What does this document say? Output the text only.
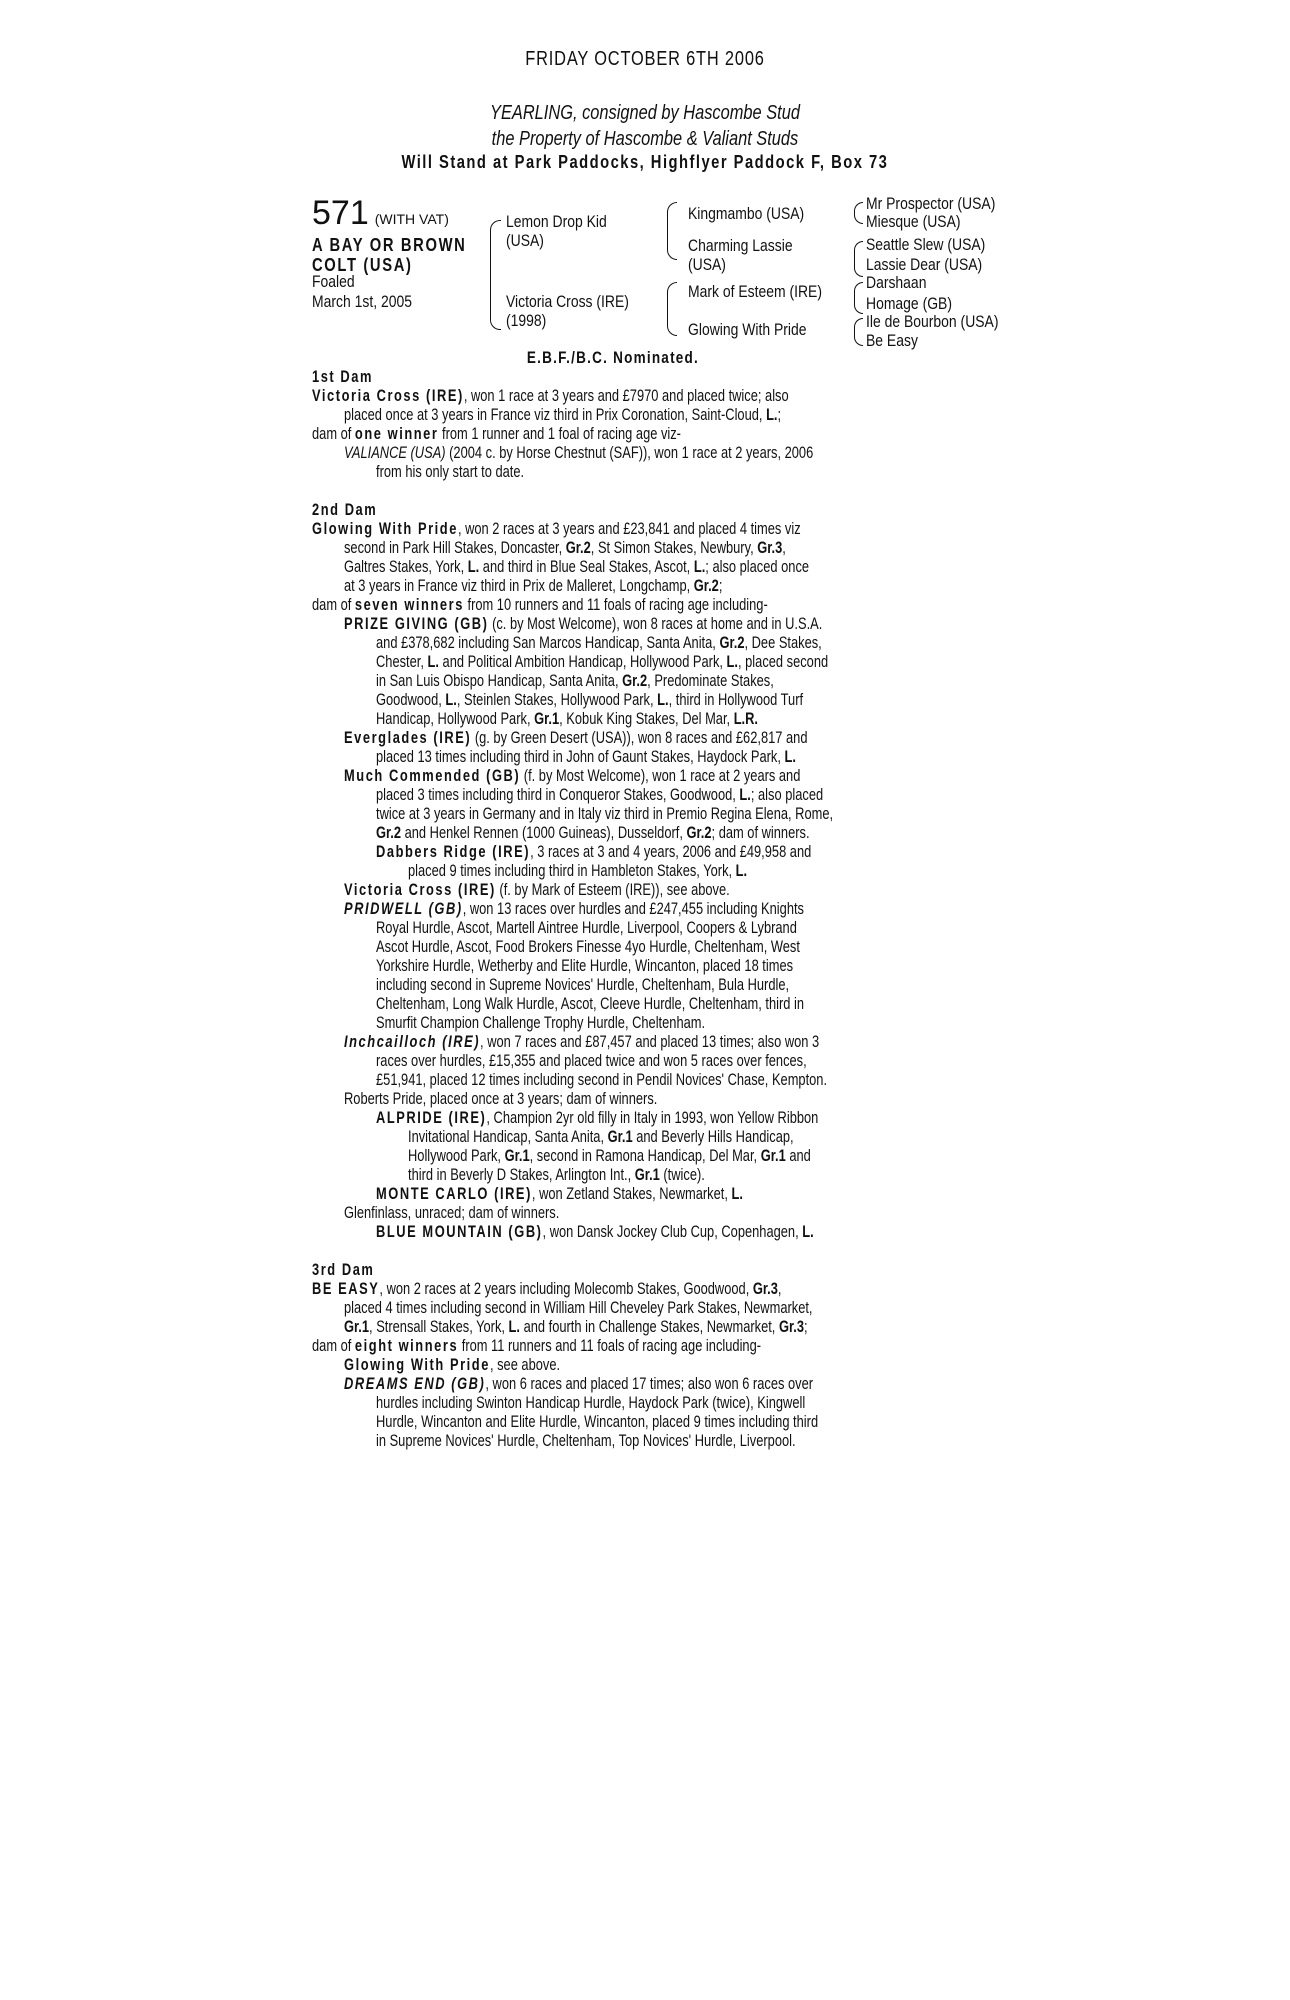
FRIDAY OCTOBER 6TH 2006
YEARLING, consigned by Hascombe Stud
the Property of Hascombe & Valiant Studs
Will Stand at Park Paddocks, Highflyer Paddock F, Box 73
571 (WITH VAT)
A BAY OR BROWN
COLT (USA)
Foaled
March 1st, 2005
Lemon Drop Kid
(USA)
Victoria Cross (IRE)
(1998)
Kingmambo (USA)
Charming Lassie
(USA)
Mark of Esteem (IRE)
Glowing With Pride
Mr Prospector (USA)
Miesque (USA)
Seattle Slew (USA)
Lassie Dear (USA)
Darshaan
Homage (GB)
Ile de Bourbon (USA)
Be Easy
E.B.F./B.C. Nominated.
1st Dam
Victoria Cross (IRE), won 1 race at 3 years and £7970 and placed twice; also
placed once at 3 years in France viz third in Prix Coronation, Saint-Cloud, L.;
dam of one winner from 1 runner and 1 foal of racing age viz-
VALIANCE (USA) (2004 c. by Horse Chestnut (SAF)), won 1 race at 2 years, 2006
from his only start to date.
2nd Dam
Glowing With Pride, won 2 races at 3 years and £23,841 and placed 4 times viz
second in Park Hill Stakes, Doncaster, Gr.2, St Simon Stakes, Newbury, Gr.3,
Galtres Stakes, York, L. and third in Blue Seal Stakes, Ascot, L.; also placed once
at 3 years in France viz third in Prix de Malleret, Longchamp, Gr.2;
dam of seven winners from 10 runners and 11 foals of racing age including-
PRIZE GIVING (GB) (c. by Most Welcome), won 8 races at home and in U.S.A.
and £378,682 including San Marcos Handicap, Santa Anita, Gr.2, Dee Stakes,
Chester, L. and Political Ambition Handicap, Hollywood Park, L., placed second
in San Luis Obispo Handicap, Santa Anita, Gr.2, Predominate Stakes,
Goodwood, L., Steinlen Stakes, Hollywood Park, L., third in Hollywood Turf
Handicap, Hollywood Park, Gr.1, Kobuk King Stakes, Del Mar, L.R.
Everglades (IRE) (g. by Green Desert (USA)), won 8 races and £62,817 and
placed 13 times including third in John of Gaunt Stakes, Haydock Park, L.
Much Commended (GB) (f. by Most Welcome), won 1 race at 2 years and
placed 3 times including third in Conqueror Stakes, Goodwood, L.; also placed
twice at 3 years in Germany and in Italy viz third in Premio Regina Elena, Rome,
Gr.2 and Henkel Rennen (1000 Guineas), Dusseldorf, Gr.2; dam of winners.
Dabbers Ridge (IRE), 3 races at 3 and 4 years, 2006 and £49,958 and
placed 9 times including third in Hambleton Stakes, York, L.
Victoria Cross (IRE) (f. by Mark of Esteem (IRE)), see above.
PRIDWELL (GB), won 13 races over hurdles and £247,455 including Knights
Royal Hurdle, Ascot, Martell Aintree Hurdle, Liverpool, Coopers & Lybrand
Ascot Hurdle, Ascot, Food Brokers Finesse 4yo Hurdle, Cheltenham, West
Yorkshire Hurdle, Wetherby and Elite Hurdle, Wincanton, placed 18 times
including second in Supreme Novices' Hurdle, Cheltenham, Bula Hurdle,
Cheltenham, Long Walk Hurdle, Ascot, Cleeve Hurdle, Cheltenham, third in
Smurfit Champion Challenge Trophy Hurdle, Cheltenham.
Inchcailloch (IRE), won 7 races and £87,457 and placed 13 times; also won 3
races over hurdles, £15,355 and placed twice and won 5 races over fences,
£51,941, placed 12 times including second in Pendil Novices' Chase, Kempton.
Roberts Pride, placed once at 3 years; dam of winners.
ALPRIDE (IRE), Champion 2yr old filly in Italy in 1993, won Yellow Ribbon
Invitational Handicap, Santa Anita, Gr.1 and Beverly Hills Handicap,
Hollywood Park, Gr.1, second in Ramona Handicap, Del Mar, Gr.1 and
third in Beverly D Stakes, Arlington Int., Gr.1 (twice).
MONTE CARLO (IRE), won Zetland Stakes, Newmarket, L.
Glenfinlass, unraced; dam of winners.
BLUE MOUNTAIN (GB), won Dansk Jockey Club Cup, Copenhagen, L.
3rd Dam
BE EASY, won 2 races at 2 years including Molecomb Stakes, Goodwood, Gr.3,
placed 4 times including second in William Hill Cheveley Park Stakes, Newmarket,
Gr.1, Strensall Stakes, York, L. and fourth in Challenge Stakes, Newmarket, Gr.3;
dam of eight winners from 11 runners and 11 foals of racing age including-
Glowing With Pride, see above.
DREAMS END (GB), won 6 races and placed 17 times; also won 6 races over
hurdles including Swinton Handicap Hurdle, Haydock Park (twice), Kingwell
Hurdle, Wincanton and Elite Hurdle, Wincanton, placed 9 times including third
in Supreme Novices' Hurdle, Cheltenham, Top Novices' Hurdle, Liverpool.
